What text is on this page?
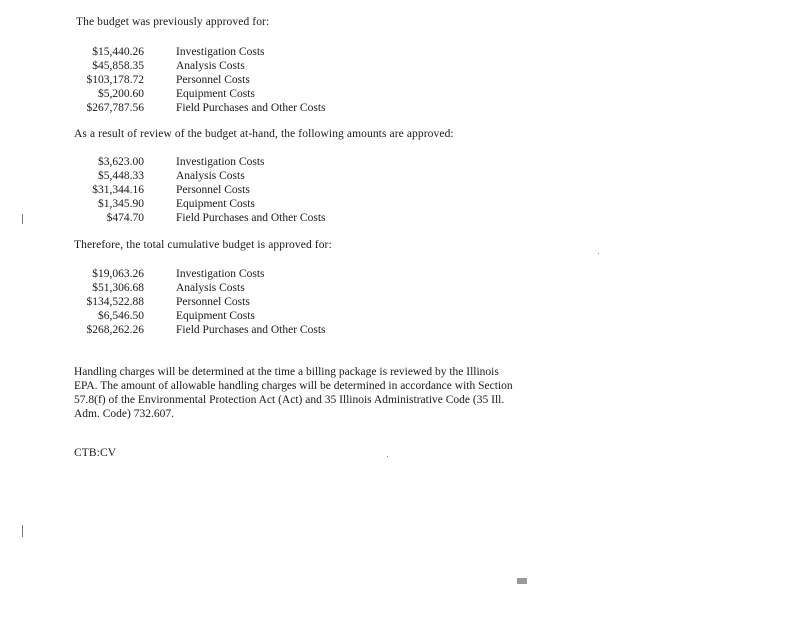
The budget was previously approved for:
$15,440.26	Investigation Costs
$45,858.35	Analysis Costs
$103,178.72	Personnel Costs
$5,200.60	Equipment Costs
$267,787.56	Field Purchases and Other Costs
As a result of review of the budget at-hand, the following amounts are approved:
$3,623.00	Investigation Costs
$5,448.33	Analysis Costs
$31,344.16	Personnel Costs
$1,345.90	Equipment Costs
$474.70	Field Purchases and Other Costs
Therefore, the total cumulative budget is approved for:
$19,063.26	Investigation Costs
$51,306.68	Analysis Costs
$134,522.88	Personnel Costs
$6,546.50	Equipment Costs
$268,262.26	Field Purchases and Other Costs
Handling charges will be determined at the time a billing package is reviewed by the Illinois
EPA. The amount of allowable handling charges will be determined in accordance with Section
57.8(f) of the Environmental Protection Act (Act) and 35 Illinois Administrative Code (35 Ill.
Adm. Code) 732.607.
CTB:CV
